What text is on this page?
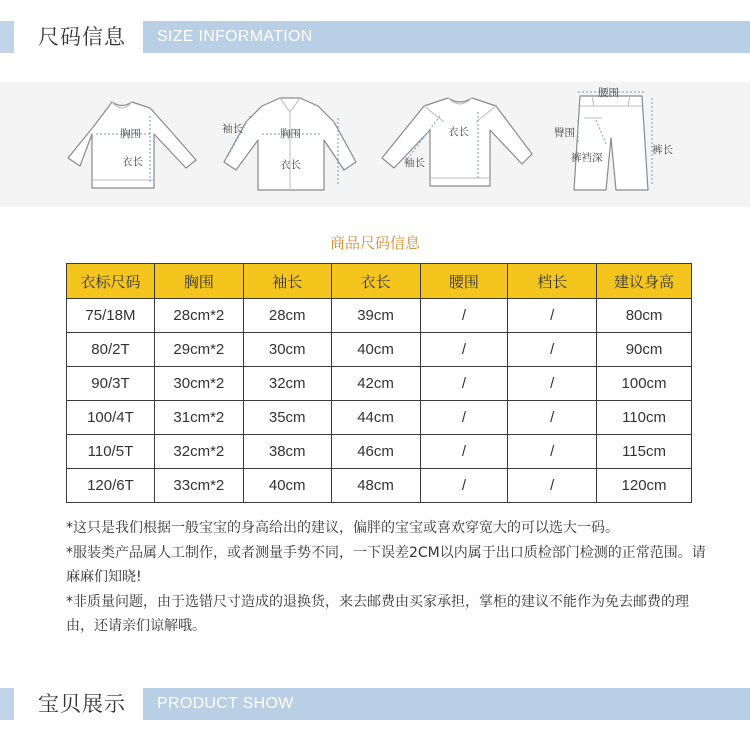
尺码信息 SIZE INFORMATION
胸围
衣长
袖长	胸围
衣长
衣长
袖长
腰围
臀围
裤裆深
裤长
商品尺码信息
衣标尺码	胸围	袖长	衣长	腰围	档长	建议身高
75/18M	28cm*2	28cm	39cm	/	/	80cm
80/2T	29cm*2	30cm	40cm	/	/	90cm
90/3T	30cm*2	32cm	42cm	/	/	100cm
100/4T	31cm*2	35cm	44cm	/	/	110cm
110/5T	32cm*2	38cm	46cm	/	/	115cm
120/6T	33cm*2	40cm	48cm	/	/	120cm

*这只是我们根据一般宝宝的身高给出的建议，偏胖的宝宝或喜欢穿宽大的可以选大一码。

*服装类产品属人工制作，或者测量手势不同，一下误差2CM以内属于出口质检部门检测的正常范围。请麻麻们知晓!

*非质量问题，由于选错尺寸造成的退换货，来去邮费由买家承担，掌柜的建议不能作为免去邮费的理由，还请亲们谅解哦。

宝贝展示 PRODUCT SHOW
